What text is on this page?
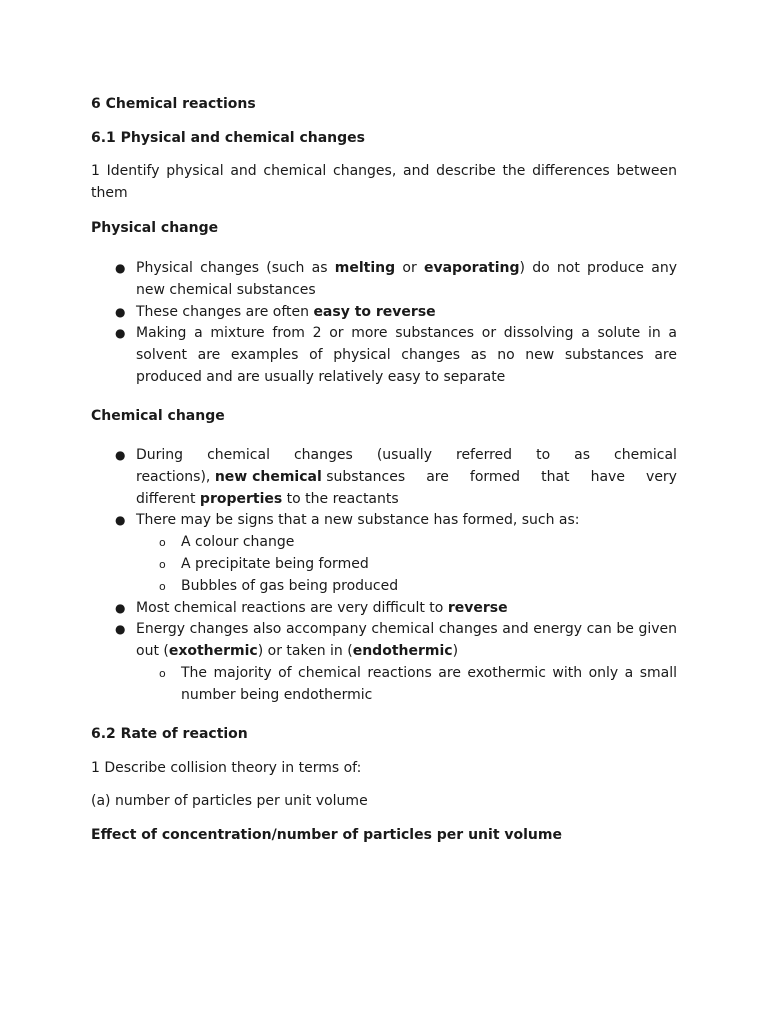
6 Chemical reactions
6.1 Physical and chemical changes
1 Identify physical and chemical changes, and describe the differences between them
Physical change
● Physical changes (such as melting or evaporating) do not produce any new chemical substances
● These changes are often easy to reverse
● Making a mixture from 2 or more substances or dissolving a solute in a solvent are examples of physical changes as no new substances are produced and are usually relatively easy to separate
Chemical change
● During chemical changes (usually referred to as chemical
reactions), new chemical substances are formed that have very
different properties to the reactants
● There may be signs that a new substance has formed, such as:
o A colour change
o A precipitate being formed
o Bubbles of gas being produced
● Most chemical reactions are very difficult to reverse
● Energy changes also accompany chemical changes and energy can be given out (exothermic) or taken in (endothermic)
o The majority of chemical reactions are exothermic with only a small number being endothermic
6.2 Rate of reaction
1 Describe collision theory in terms of:
(a) number of particles per unit volume
Effect of concentration/number of particles per unit volume
